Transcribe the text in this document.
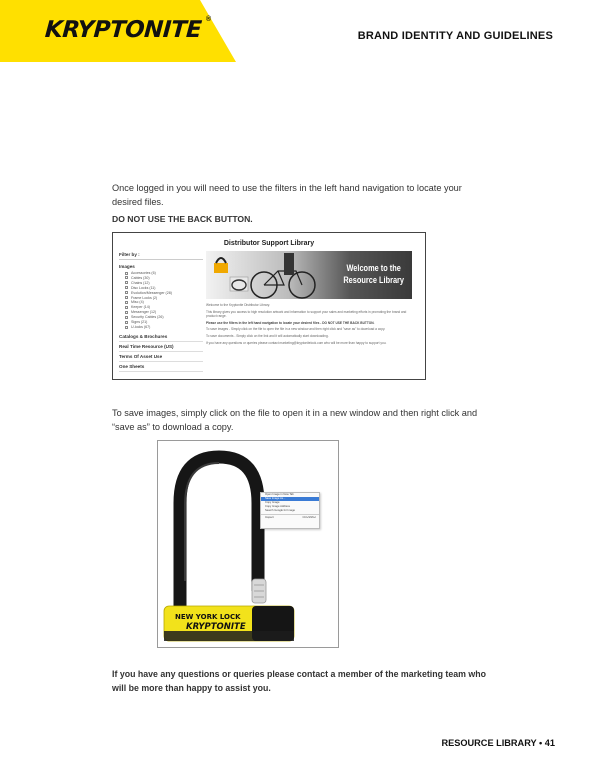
KRYPTONITE ®
BRAND IDENTITY AND GUIDELINES
Once logged in you will need to use the filters in the left hand navigation to locate your desired files.
DO NOT USE THE BACK BUTTON.
Distributor Support Library
Filter by :
Images
Accessories (6)
Cables (30)
Chains (12)
Disc Locks (11)
Evolution/Messenger (28)
Frame Locks (2)
Misc (4)
Keeper (14)
Messenger (12)
Security Cables (26)
Signs (21)
U-locks (67)
Catalogs & Brochures
Real Time Resource (US)
Terms Of Asset Use
One Sheets
Welcome to the
Resource Library
Welcome to the Kryptonite Distributor Library.
This library gives you access to high resolution artwork and information to support your sales and marketing efforts in promoting the brand and product range.
Please use the filters in the left hand navigation to locate your desired files - DO NOT USE THE BACK BUTTON.
To save images - Simply click on the file to open the file in a new window and then right click and "save as" to download a copy.
To save documents - Simply click on the link and it will automatically start downloading.
If you have any questions or queries please contact marketing@kryptonitelock.com who will be more than happy to support you.
To save images, simply click on the file to open it in a new window and then right click and “save as” to download a copy.
NEW YORK LOCK
KRYPTONITE
Open Image in New Tab
Save Image As...
Copy Image
Copy Image Address
Search Google for Image
Inspect	Ctrl+Shift+I
If you have any questions or queries please contact a member of the marketing team who will be more than happy to assist you.
RESOURCE LIBRARY • 41
